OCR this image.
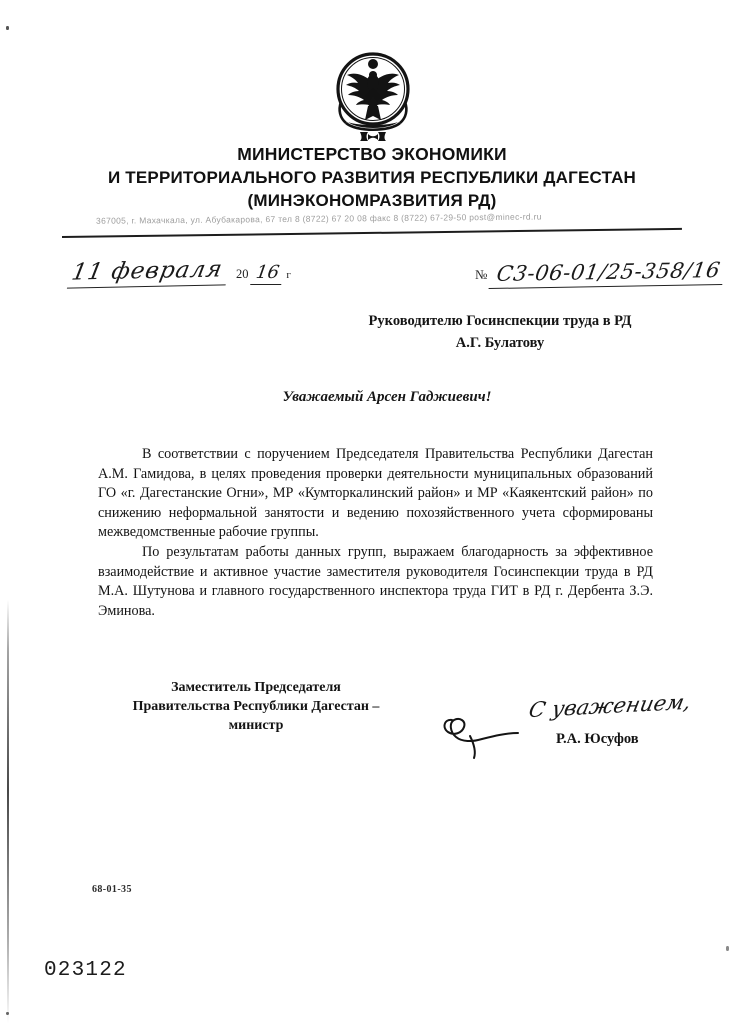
МИНИСТЕРСТВО ЭКОНОМИКИ
И ТЕРРИТОРИАЛЬНОГО РАЗВИТИЯ РЕСПУБЛИКИ ДАГЕСТАН
(МИНЭКОНОМРАЗВИТИЯ РД)
367005, г. Махачкала, ул. Абубакарова, 67 тел 8 (8722) 67 20 08 факс 8 (8722) 67-29-50 post@minec-rd.ru
11 февраля 20 16 г	№ С3-06-01/25-358/16
Руководителю Госинспекции труда в РД
А.Г. Булатову
Уважаемый Арсен Гаджиевич!

В соответствии с поручением Председателя Правительства Республики Дагестан А.М. Гамидова, в целях проведения проверки деятельности муниципальных образований ГО «г. Дагестанские Огни», МР «Кумторкалинский район» и МР «Каякентский район» по снижению неформальной занятости и ведению похозяйственного учета сформированы межведомственные рабочие группы.

По результатам работы данных групп, выражаем благодарность за эффективное взаимодействие и активное участие заместителя руководителя Госинспекции труда в РД М.А. Шутунова и главного государственного инспектора труда ГИТ в РД г. Дербента З.Э. Эминова.

Заместитель Председателя
Правительства Республики Дагестан –
министр
С уважением,
Р.А. Юсуфов
68-01-35
023122
